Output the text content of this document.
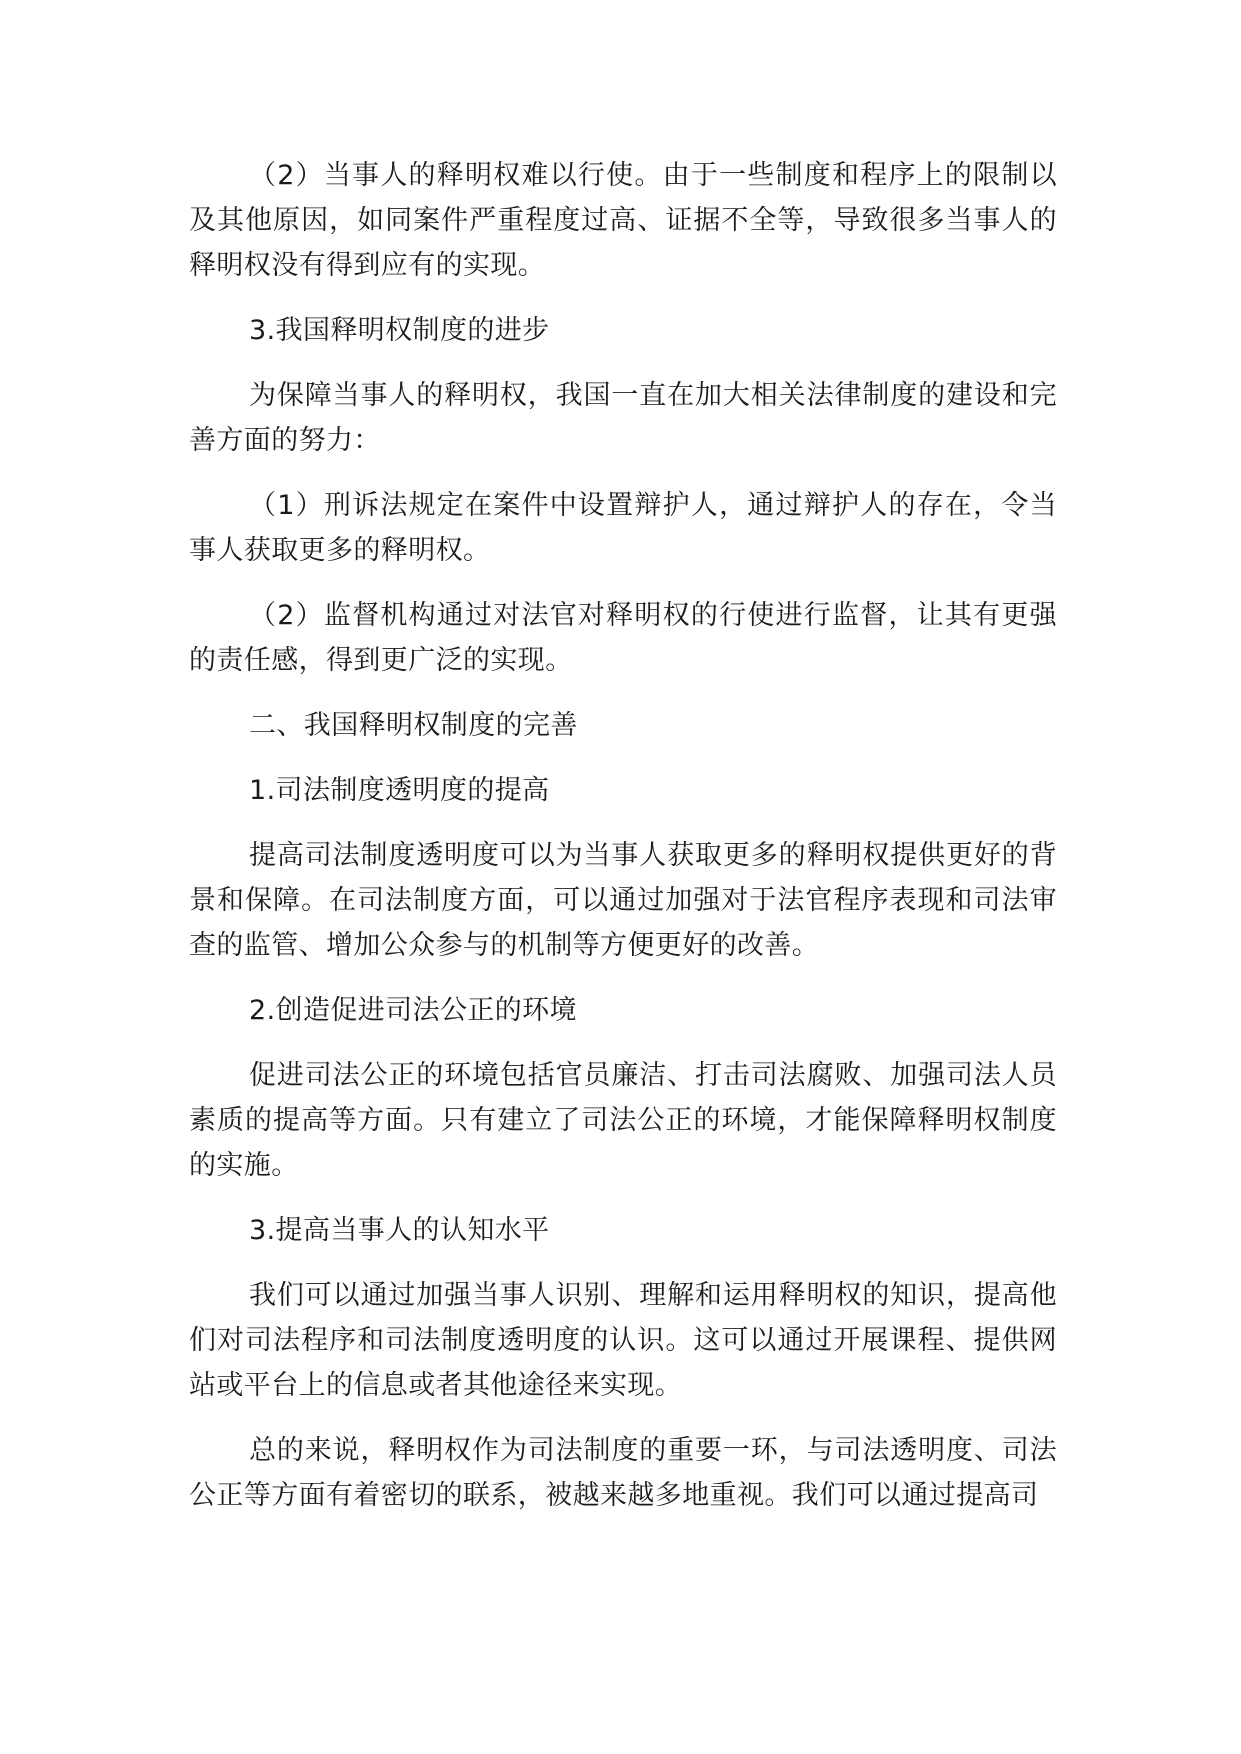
（2）当事人的释明权难以行使。由于一些制度和程序上的限制以及其他原因，如同案件严重程度过高、证据不全等，导致很多当事人的释明权没有得到应有的实现。

3.我国释明权制度的进步

为保障当事人的释明权，我国一直在加大相关法律制度的建设和完善方面的努力：

（1）刑诉法规定在案件中设置辩护人，通过辩护人的存在，令当事人获取更多的释明权。

（2）监督机构通过对法官对释明权的行使进行监督，让其有更强的责任感，得到更广泛的实现。

二、我国释明权制度的完善

1.司法制度透明度的提高

提高司法制度透明度可以为当事人获取更多的释明权提供更好的背景和保障。在司法制度方面，可以通过加强对于法官程序表现和司法审查的监管、增加公众参与的机制等方便更好的改善。

2.创造促进司法公正的环境

促进司法公正的环境包括官员廉洁、打击司法腐败、加强司法人员素质的提高等方面。只有建立了司法公正的环境，才能保障释明权制度的实施。

3.提高当事人的认知水平

我们可以通过加强当事人识别、理解和运用释明权的知识，提高他们对司法程序和司法制度透明度的认识。这可以通过开展课程、提供网站或平台上的信息或者其他途径来实现。

总的来说，释明权作为司法制度的重要一环，与司法透明度、司法公正等方面有着密切的联系，被越来越多地重视。我们可以通过提高司
